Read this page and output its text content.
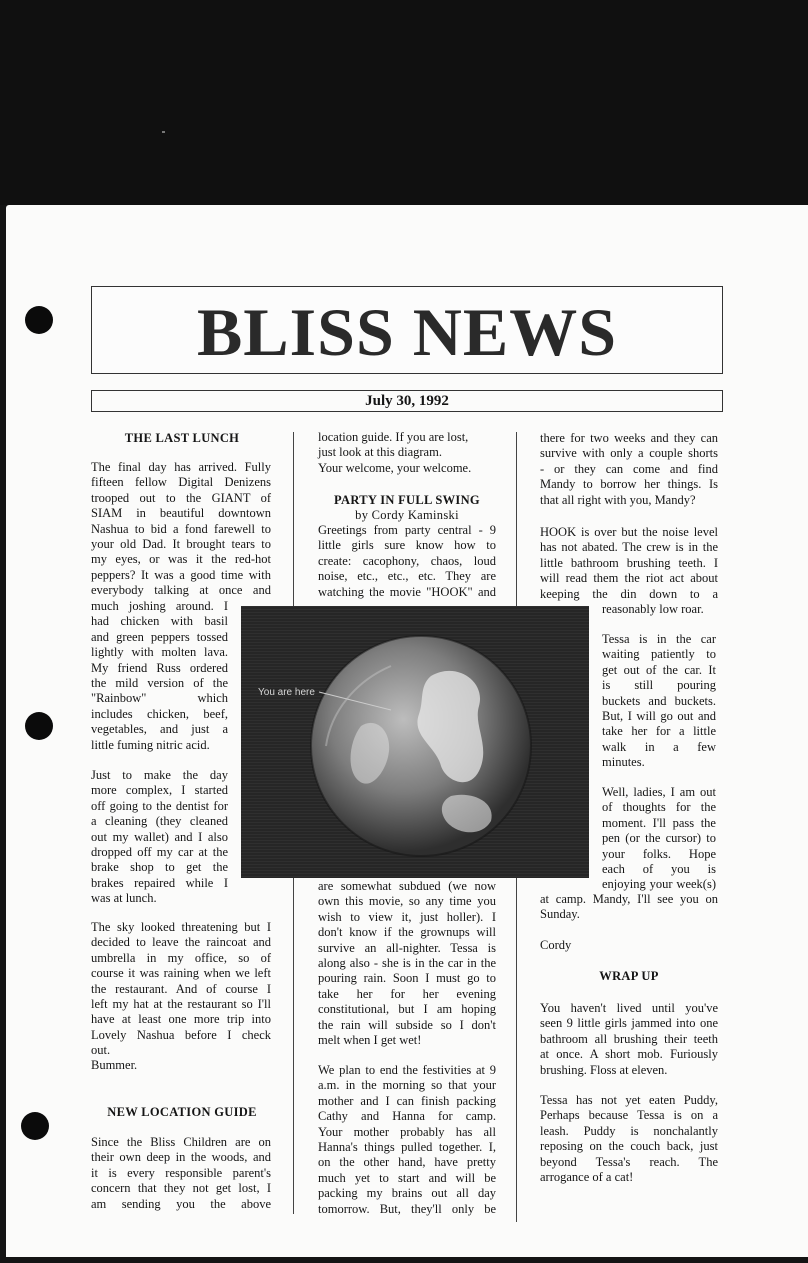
BLISS NEWS
July 30, 1992
THE LAST LUNCH

The final day has arrived. Fully

fifteen fellow Digital Denizens

trooped out to the GIANT of

SIAM in beautiful downtown

Nashua to bid a fond farewell to

your old Dad. It brought tears to

my eyes, or was it the red-hot

peppers? It was a good time with

everybody talking at once and

much joshing around. I

had chicken with basil

and green peppers tossed

lightly with molten lava.

My friend Russ ordered

the mild version of the

"Rainbow" which

includes chicken, beef,

vegetables, and just a

little fuming nitric acid.

Just to make the day

more complex, I started

off going to the dentist for

a cleaning (they cleaned

out my wallet) and I also

dropped off my car at the

brake shop to get the

brakes repaired while I

was at lunch.

The sky looked threatening but I

decided to leave the raincoat and

umbrella in my office, so of

course it was raining when we left

the restaurant. And of course I

left my hat at the restaurant so I'll

have at least one more trip into

Lovely Nashua before I check

out.

Bummer.
NEW LOCATION GUIDE

Since the Bliss Children are on

their own deep in the woods, and

it is every responsible parent's

concern that they not get lost, I

am sending you the above

location guide. If you are lost,

just look at this diagram.

Your welcome, your welcome.

PARTY IN FULL SWING
by Cordy Kaminski

Greetings from party central - 9

little girls sure know how to

create: cacophony, chaos, loud

noise, etc., etc., etc. They are

watching the movie "HOOK" and

are somewhat subdued (we now

own this movie, so any time you

wish to view it, just holler). I

don't know if the grownups will

survive an all-nighter. Tessa is

along also - she is in the car in the

pouring rain. Soon I must go to

take her for her evening

constitutional, but I am hoping

the rain will subside so I don't

melt when I get wet!

We plan to end the festivities at 9

a.m. in the morning so that your

mother and I can finish packing

Cathy and Hanna for camp.

Your mother probably has all

Hanna's things pulled together. I,

on the other hand, have pretty

much yet to start and will be

packing my brains out all day

tomorrow. But, they'll only be

there for two weeks and they can

survive with only a couple shorts

- or they can come and find

Mandy to borrow her things. Is

that all right with you, Mandy?

HOOK is over but the noise level

has not abated. The crew is in the

little bathroom brushing teeth. I

will read them the riot act about

keeping the din down to a

reasonably low roar.

Tessa is in the car

waiting patiently to

get out of the car. It

is still pouring

buckets and buckets.

But, I will go out and

take her for a little

walk in a few

minutes.

Well, ladies, I am out

of thoughts for the

moment. I'll pass the

pen (or the cursor) to

your folks. Hope

each of you is

enjoying your week(s)

at camp. Mandy, I'll see you on

Sunday.

Cordy
WRAP UP

You haven't lived until you've

seen 9 little girls jammed into one

bathroom all brushing their teeth

at once. A short mob. Furiously

brushing. Floss at eleven.

Tessa has not yet eaten Puddy,

Perhaps because Tessa is on a

leash. Puddy is nonchalantly

reposing on the couch back, just

beyond Tessa's reach. The

arrogance of a cat!

You are here
